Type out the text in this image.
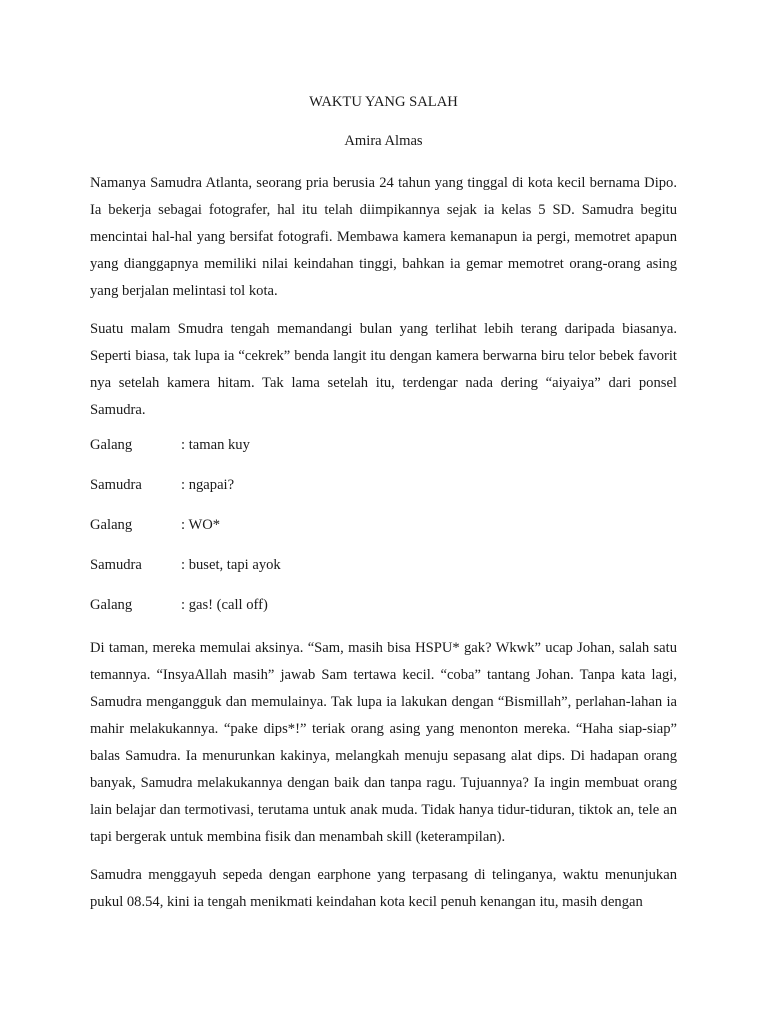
WAKTU YANG SALAH
Amira Almas

Namanya Samudra Atlanta, seorang pria berusia 24 tahun yang tinggal di kota kecil bernama Dipo. Ia bekerja sebagai fotografer, hal itu telah diimpikannya sejak ia kelas 5 SD. Samudra begitu mencintai hal-hal yang bersifat fotografi. Membawa kamera kemanapun ia pergi, memotret apapun yang dianggapnya memiliki nilai keindahan tinggi, bahkan ia gemar memotret orang-orang asing yang berjalan melintasi tol kota.

Suatu malam Smudra tengah memandangi bulan yang terlihat lebih terang daripada biasanya. Seperti biasa, tak lupa ia “cekrek” benda langit itu dengan kamera berwarna biru telor bebek favorit nya setelah kamera hitam. Tak lama setelah itu, terdengar nada dering “aiyaiya” dari ponsel Samudra.

Galang	: taman kuy
Samudra	: ngapai?
Galang	: WO*
Samudra	: buset, tapi ayok
Galang	: gas! (call off)

Di taman, mereka memulai aksinya. “Sam, masih bisa HSPU* gak? Wkwk” ucap Johan, salah satu temannya. “InsyaAllah masih” jawab Sam tertawa kecil. “coba” tantang Johan. Tanpa kata lagi, Samudra mengangguk dan memulainya. Tak lupa ia lakukan dengan “Bismillah”, perlahan-lahan ia mahir melakukannya. “pake dips*!” teriak orang asing yang menonton mereka. “Haha siap-siap” balas Samudra. Ia menurunkan kakinya, melangkah menuju sepasang alat dips. Di hadapan orang banyak, Samudra melakukannya dengan baik dan tanpa ragu. Tujuannya? Ia ingin membuat orang lain belajar dan termotivasi, terutama untuk anak muda. Tidak hanya tidur-tiduran, tiktok an, tele an tapi bergerak untuk membina fisik dan menambah skill (keterampilan).

Samudra menggayuh sepeda dengan earphone yang terpasang di telinganya, waktu menunjukan pukul 08.54, kini ia tengah menikmati keindahan kota kecil penuh kenangan itu, masih dengan
